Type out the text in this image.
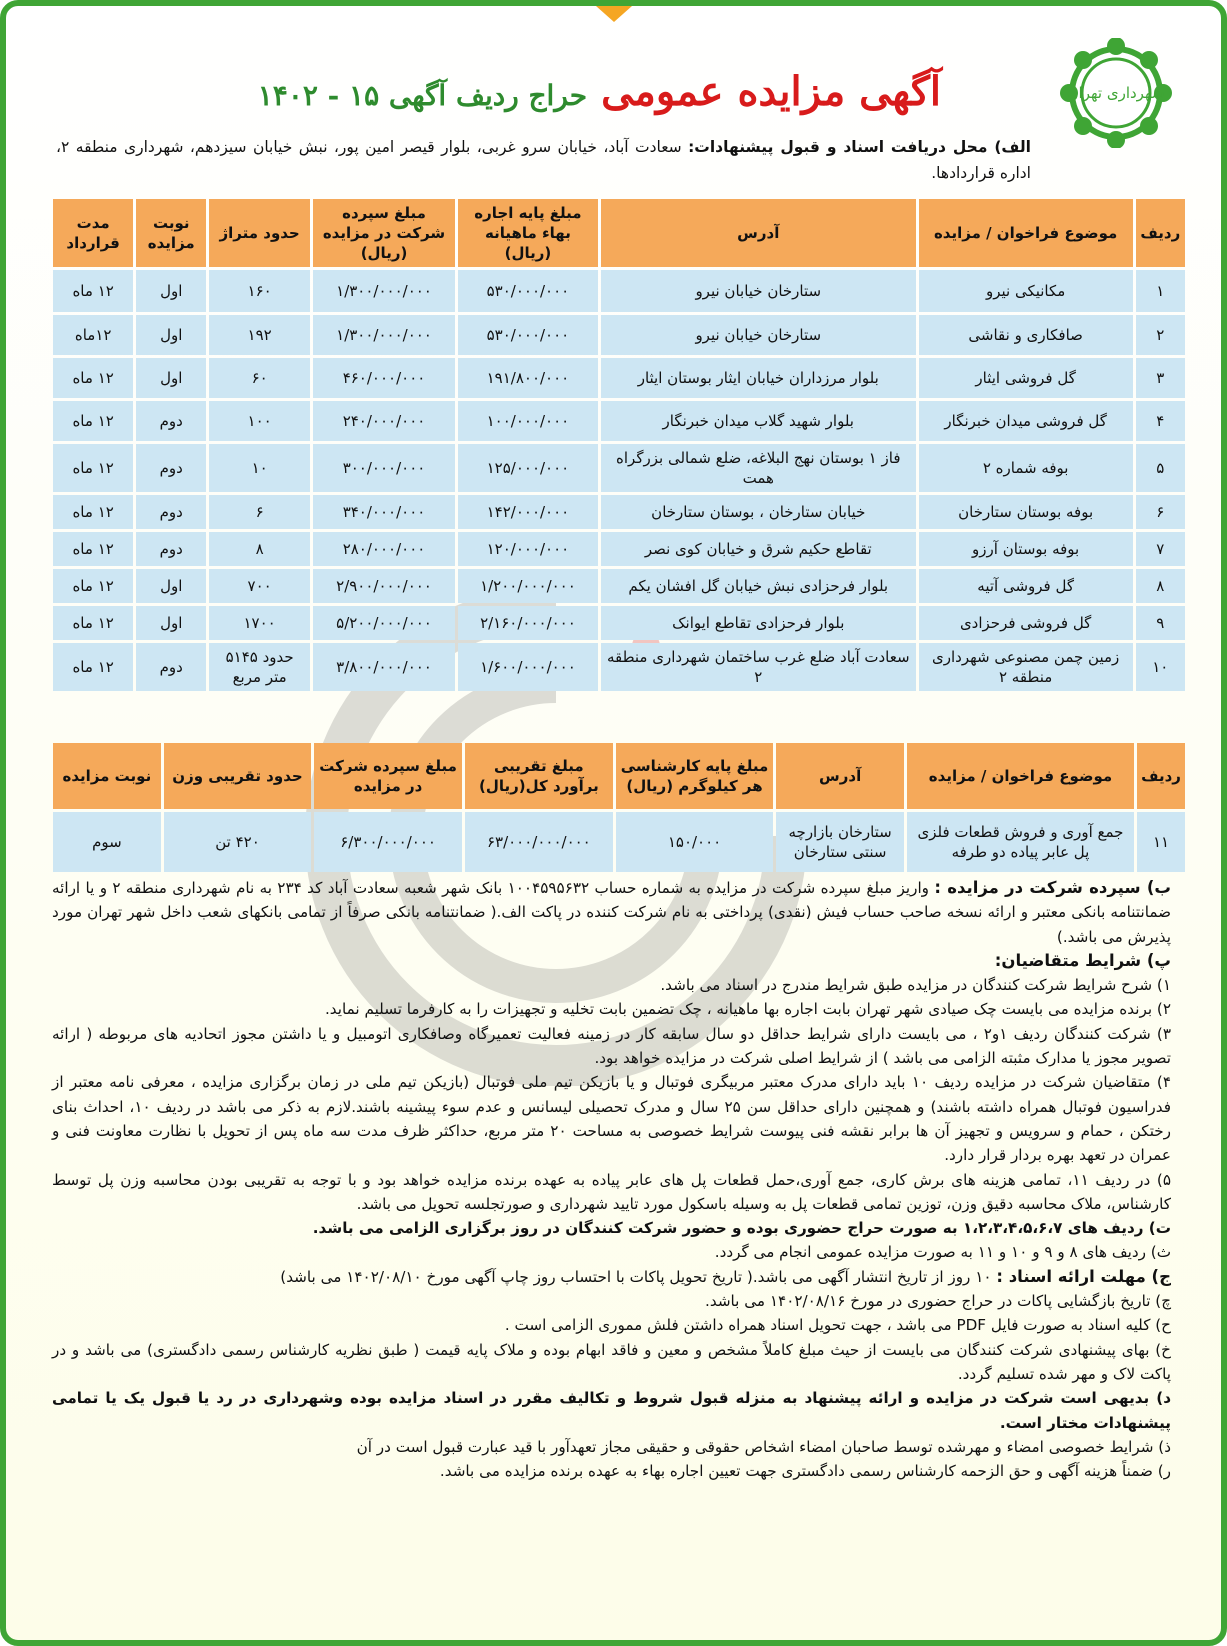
شهرداری تهران
آگهی مزایده عمومی
حراج ردیف آگهی ۱۵ - ۱۴۰۲
الف) محل دریافت اسناد و قبول پیشنهادات: سعادت آباد، خیابان سرو غربی، بلوار قیصر امین پور، نبش خیابان سیزدهم، شهرداری منطقه ۲، اداره قراردادها.
ردیف	موضوع فراخوان / مزایده	آدرس	مبلغ پایه اجاره بهاء ماهیانه (ریال)	مبلغ سپرده شرکت در مزایده (ریال)	حدود متراژ	نوبت مزایده	مدت قرارداد
۱	مکانیکی نیرو	ستارخان خیابان نیرو	۵۳۰/۰۰۰/۰۰۰	۱/۳۰۰/۰۰۰/۰۰۰	۱۶۰	اول	۱۲ ماه
۲	صافکاری و نقاشی	ستارخان خیابان نیرو	۵۳۰/۰۰۰/۰۰۰	۱/۳۰۰/۰۰۰/۰۰۰	۱۹۲	اول	۱۲ماه
۳	گل فروشی ایثار	بلوار مرزداران خیابان ایثار بوستان ایثار	۱۹۱/۸۰۰/۰۰۰	۴۶۰/۰۰۰/۰۰۰	۶۰	اول	۱۲ ماه
۴	گل فروشی میدان خبرنگار	بلوار شهید گلاب میدان خبرنگار	۱۰۰/۰۰۰/۰۰۰	۲۴۰/۰۰۰/۰۰۰	۱۰۰	دوم	۱۲ ماه
۵	بوفه شماره ۲	فاز ۱ بوستان نهج البلاغه، ضلع شمالی بزرگراه همت	۱۲۵/۰۰۰/۰۰۰	۳۰۰/۰۰۰/۰۰۰	۱۰	دوم	۱۲ ماه
۶	بوفه بوستان ستارخان	خیابان ستارخان ، بوستان ستارخان	۱۴۲/۰۰۰/۰۰۰	۳۴۰/۰۰۰/۰۰۰	۶	دوم	۱۲ ماه
۷	بوفه بوستان آرزو	تقاطع حکیم شرق و خیابان کوی نصر	۱۲۰/۰۰۰/۰۰۰	۲۸۰/۰۰۰/۰۰۰	۸	دوم	۱۲ ماه
۸	گل فروشی آتیه	بلوار فرحزادی نبش خیابان گل افشان یکم	۱/۲۰۰/۰۰۰/۰۰۰	۲/۹۰۰/۰۰۰/۰۰۰	۷۰۰	اول	۱۲ ماه
۹	گل فروشی فرحزادی	بلوار فرحزادی تقاطع ایوانک	۲/۱۶۰/۰۰۰/۰۰۰	۵/۲۰۰/۰۰۰/۰۰۰	۱۷۰۰	اول	۱۲ ماه
۱۰	زمین چمن مصنوعی شهرداری منطقه ۲	سعادت آباد ضلع غرب ساختمان شهرداری منطقه ۲	۱/۶۰۰/۰۰۰/۰۰۰	۳/۸۰۰/۰۰۰/۰۰۰	حدود ۵۱۴۵ متر مربع	دوم	۱۲ ماه
ردیف	موضوع فراخوان / مزایده	آدرس	مبلغ پایه کارشناسی هر کیلوگرم (ریال)	مبلغ تقریبی برآورد کل(ریال)	مبلغ سپرده شرکت در مزایده	حدود تقریبی وزن	نوبت مزایده
۱۱	جمع آوری و فروش قطعات فلزی پل عابر پیاده دو طرفه	ستارخان بازارچه سنتی ستارخان	۱۵۰/۰۰۰	۶۳/۰۰۰/۰۰۰/۰۰۰	۶/۳۰۰/۰۰۰/۰۰۰	۴۲۰ تن	سوم

ب) سپرده شرکت در مزایده : واریز مبلغ سپرده شرکت در مزایده به شماره حساب ۱۰۰۴۵۹۵۶۳۲ بانک شهر شعبه سعادت آباد کد ۲۳۴ به نام شهرداری منطقه ۲ و یا ارائه ضمانتنامه بانکی معتبر و ارائه نسخه صاحب حساب فیش (نقدی) پرداختی به نام شرکت کننده در پاکت الف.( ضمانتنامه بانکی صرفاً از تمامی بانکهای شعب داخل شهر تهران مورد پذیرش می باشد.)

پ) شرایط متقاضیان:

۱) شرح شرایط شرکت کنندگان در مزایده طبق شرایط مندرج در اسناد می باشد.

۲) برنده مزایده می بایست چک صیادی شهر تهران بابت اجاره بها ماهیانه ، چک تضمین بابت تخلیه و تجهیزات را به کارفرما تسلیم نماید.

۳) شرکت کنندگان ردیف ۱و۲ ، می بایست دارای شرایط حداقل دو سال سابقه کار در زمینه فعالیت تعمیرگاه وصافکاری اتومبیل و یا داشتن مجوز اتحادیه های مربوطه ( ارائه تصویر مجوز یا مدارک مثبته الزامی می باشد ) از شرایط اصلی شرکت در مزایده خواهد بود.

۴) متقاضیان شرکت در مزایده ردیف ۱۰ باید دارای مدرک معتبر مربیگری فوتبال و یا بازیکن تیم ملی فوتبال (بازیکن تیم ملی در زمان برگزاری مزایده ، معرفی نامه معتبر از فدراسیون فوتبال همراه داشته باشند) و همچنین دارای حداقل سن ۲۵ سال و مدرک تحصیلی لیسانس و عدم سوء پیشینه باشند.لازم به ذکر می باشد در ردیف ۱۰، احداث بنای رختکن ، حمام و سرویس و تجهیز آن ها برابر نقشه فنی پیوست شرایط خصوصی به مساحت ۲۰ متر مربع، حداکثر ظرف مدت سه ماه پس از تحویل با نظارت معاونت فنی و عمران در تعهد بهره بردار قرار دارد.

۵) در ردیف ۱۱، تمامی هزینه های برش کاری، جمع آوری،حمل قطعات پل های عابر پیاده به عهده برنده مزایده خواهد بود و با توجه به تقریبی بودن محاسبه وزن پل توسط کارشناس، ملاک محاسبه دقیق وزن، توزین تمامی قطعات پل به وسیله باسکول مورد تایید شهرداری و صورتجلسه تحویل می باشد.

ت) ردیف های ۱،۲،۳،۴،۵،۶،۷ به صورت حراج حضوری بوده و حضور شرکت کنندگان در روز برگزاری الزامی می باشد.

ث) ردیف های ۸ و ۹ و ۱۰ و ۱۱ به صورت مزایده عمومی انجام می گردد.

ج) مهلت ارائه اسناد : ۱۰ روز از تاریخ انتشار آگهی می باشد.( تاریخ تحویل پاکات با احتساب روز چاپ آگهی مورخ ۱۴۰۲/۰۸/۱۰ می باشد)

چ) تاریخ بازگشایی پاکات در حراج حضوری در مورخ ۱۴۰۲/۰۸/۱۶ می باشد.

ح) کلیه اسناد به صورت فایل PDF می باشد ، جهت تحویل اسناد همراه داشتن فلش مموری الزامی است .

خ) بهای پیشنهادی شرکت کنندگان می بایست از حیث مبلغ کاملاً مشخص و معین و فاقد ابهام بوده و ملاک پایه قیمت ( طبق نظریه کارشناس رسمی دادگستری) می باشد و در پاکت لاک و مهر شده تسلیم گردد.

د) بدیهی است شرکت در مزایده و ارائه پیشنهاد به منزله قبول شروط و تکالیف مقرر در اسناد مزایده بوده وشهرداری در رد یا قبول یک یا تمامی پیشنهادات مختار است.

ذ) شرایط خصوصی امضاء و مهرشده توسط صاحبان امضاء اشخاص حقوقی و حقیقی مجاز تعهدآور با قید عبارت قبول است در آن

ر) ضمناً هزینه آگهی و حق الزحمه کارشناس رسمی دادگستری جهت تعیین اجاره بهاء به عهده برنده مزایده می باشد.
